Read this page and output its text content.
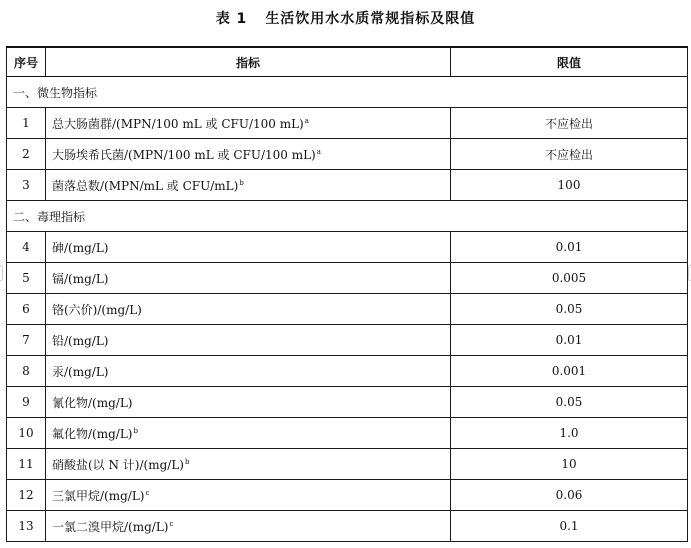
表 1 生活饮用水水质常规指标及限值
序号	指标	限值
一、微生物指标		
1	总大肠菌群/(MPN/100 mL 或 CFU/100 mL)$^a$	不应检出
2	大肠埃希氏菌/(MPN/100 mL 或 CFU/100 mL)$^a$	不应检出
3	菌落总数/(MPN/mL 或 CFU/mL)$^b$	100
二、毒理指标		
4	砷/(mg/L)	0.01
5	镉/(mg/L)	0.005
6	铬(六价)/(mg/L)	0.05
7	铅/(mg/L)	0.01
8	汞/(mg/L)	0.001
9	氰化物/(mg/L)	0.05
10	氟化物$/(mg/L)^b$	1.0
11	硝酸盐(以 N 计)$/(mg/L)^b$	10
12	三氯甲烷$/(mg/L)^c$	0.06
13	一氯二溴甲烷$/(mg/L)^c$	0.1
